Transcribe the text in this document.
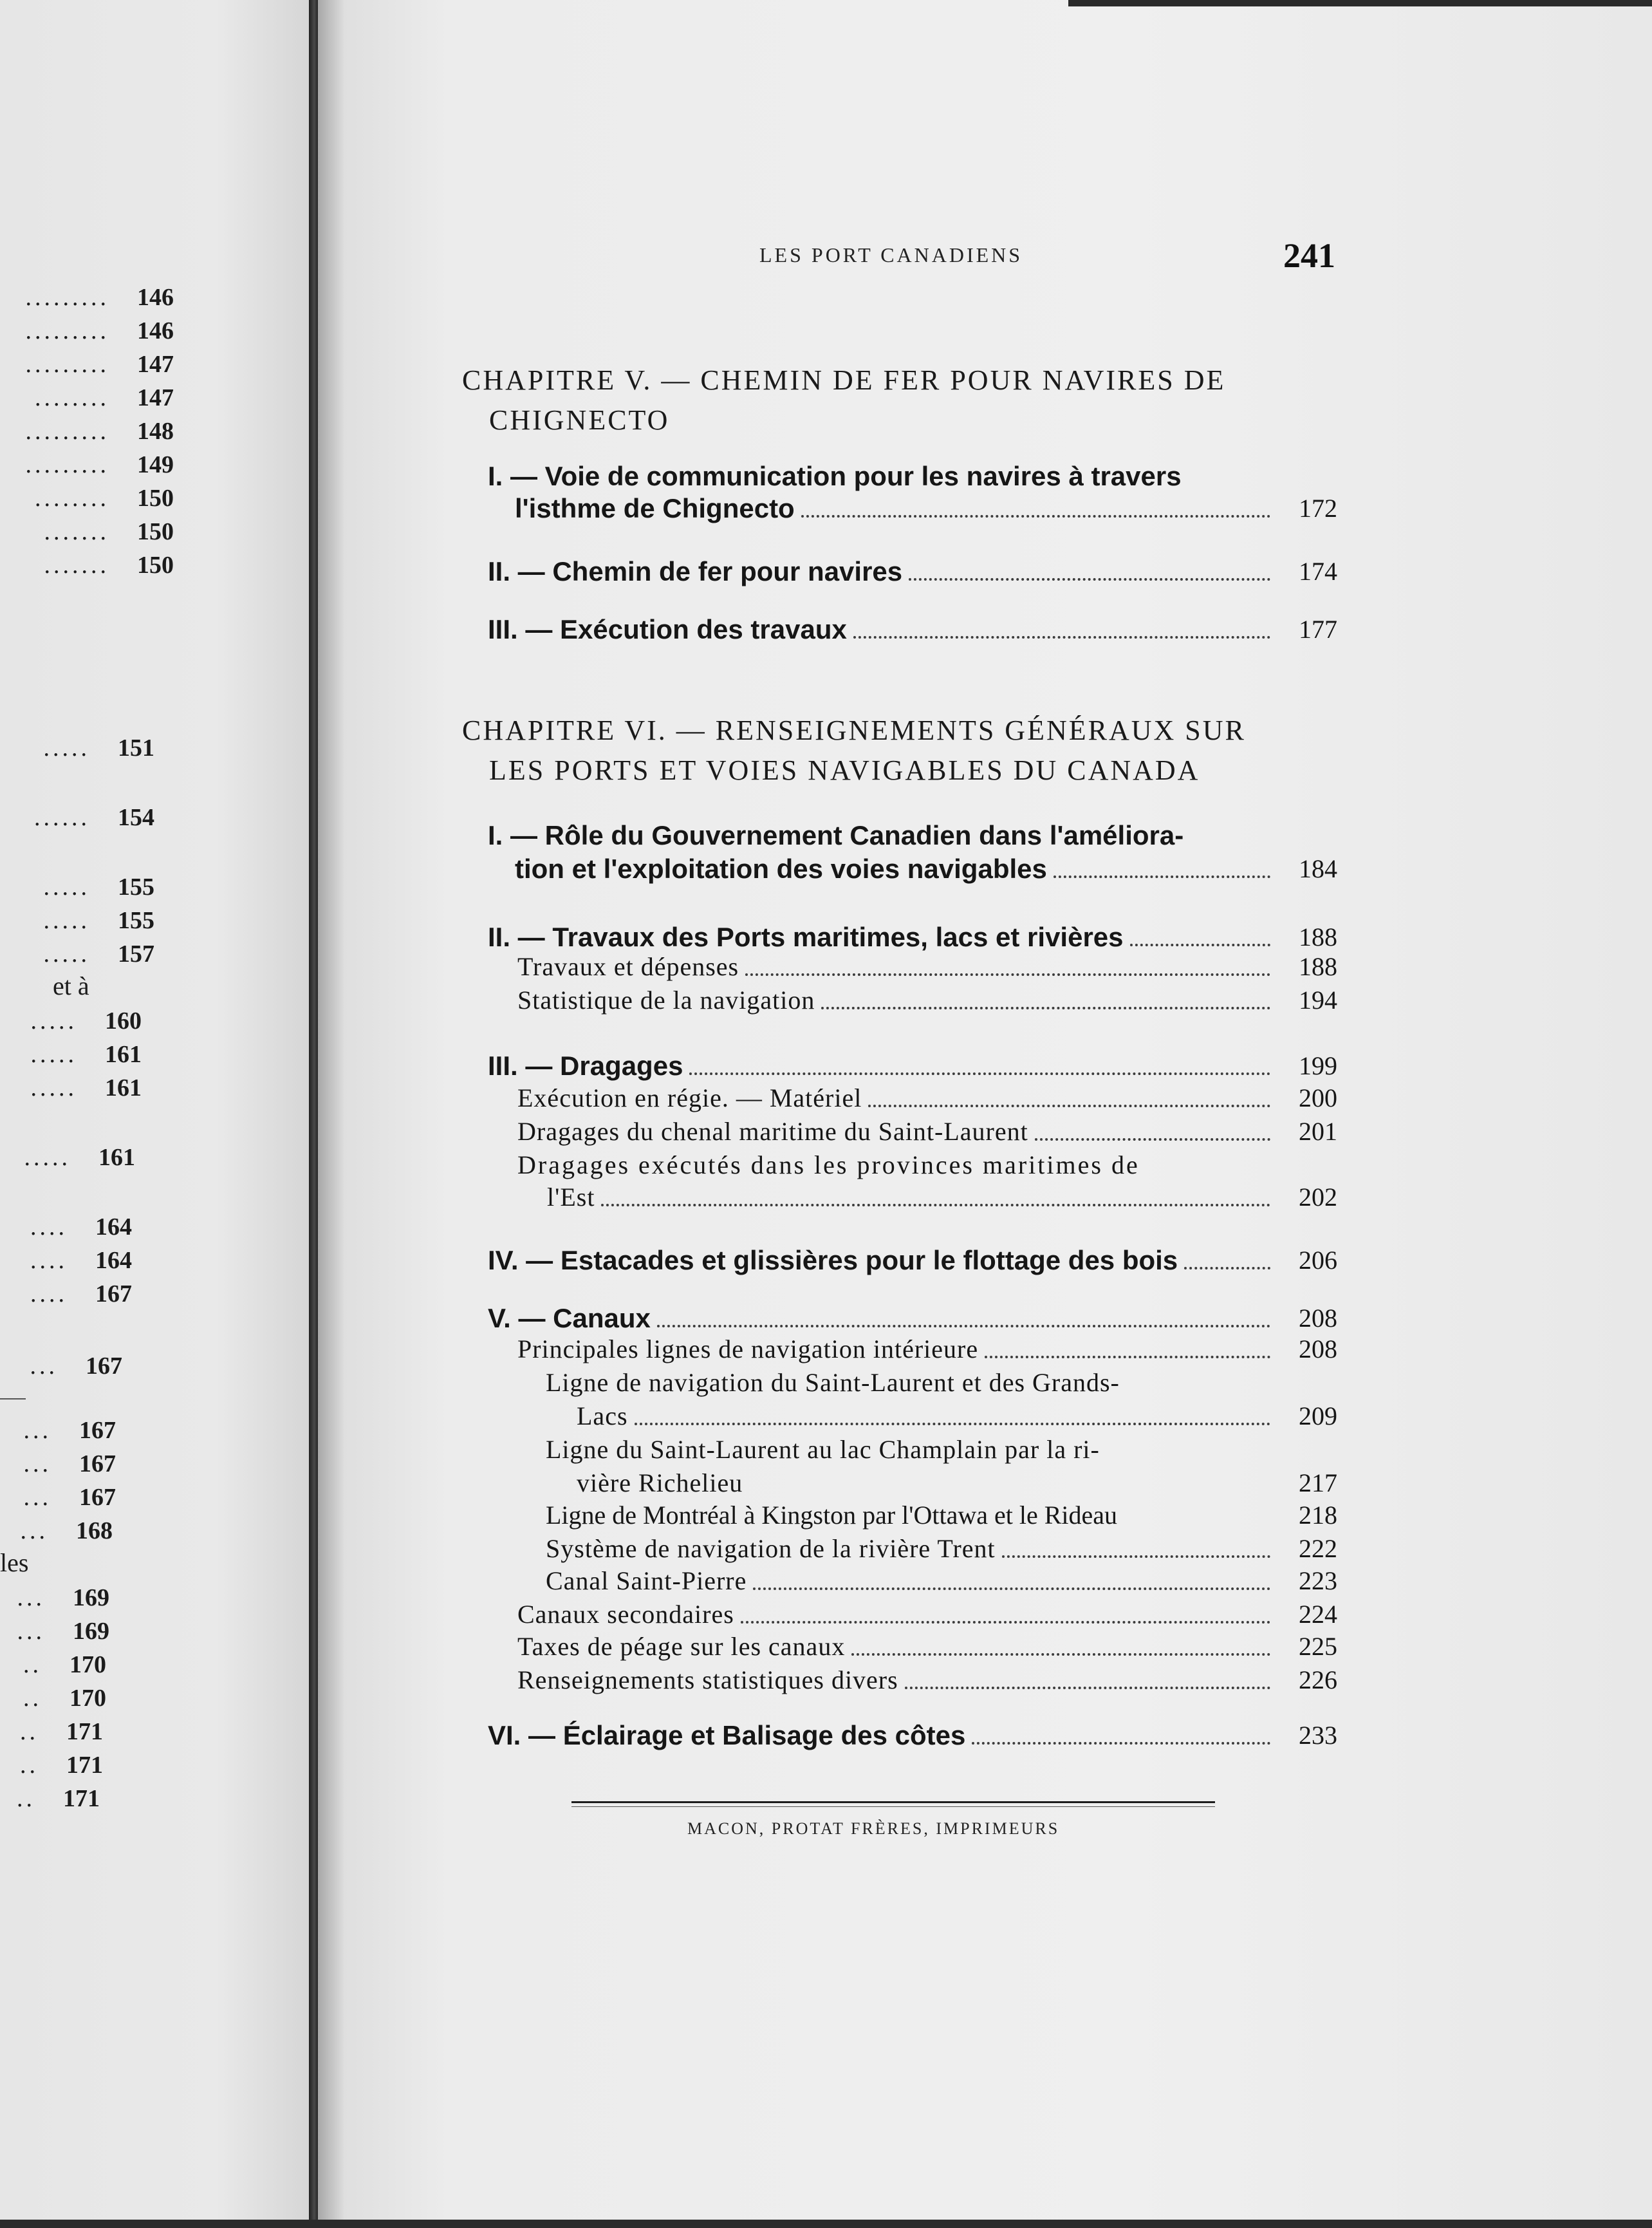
......... 146
......... 146
......... 147
........ 147
......... 148
......... 149
........ 150
....... 150
....... 150
..... 151
...... 154
..... 155
..... 155
..... 157
et à
..... 160
..... 161
..... 161
..... 161
.... 164
.... 164
.... 167
... 167
... 167
... 167
... 167
... 168
les
... 169
... 169
.. 170
.. 170
.. 171
.. 171
.. 171
LES PORT CANADIENS	241
CHAPITRE V. — CHEMIN DE FER POUR NAVIRES DE
CHIGNECTO
I. — Voie de communication pour les navires à travers
l'isthme de Chignecto	172
II. — Chemin de fer pour navires	174
III. — Exécution des travaux	177
CHAPITRE VI. — RENSEIGNEMENTS GÉNÉRAUX SUR
LES PORTS ET VOIES NAVIGABLES DU CANADA
I. — Rôle du Gouvernement Canadien dans l'améliora-
tion et l'exploitation des voies navigables	184
II. — Travaux des Ports maritimes, lacs et rivières	188
Travaux et dépenses	188
Statistique de la navigation	194
III. — Dragages	199
Exécution en régie. — Matériel	200
Dragages du chenal maritime du Saint-Laurent	201
Dragages exécutés dans les provinces maritimes de
l'Est	202
IV. — Estacades et glissières pour le flottage des bois	206
V. — Canaux	208
Principales lignes de navigation intérieure	208
Ligne de navigation du Saint-Laurent et des Grands-
Lacs	209
Ligne du Saint-Laurent au lac Champlain par la ri-
vière Richelieu	217
Ligne de Montréal à Kingston par l'Ottawa et le Rideau	218
Système de navigation de la rivière Trent	222
Canal Saint-Pierre	223
Canaux secondaires	224
Taxes de péage sur les canaux	225
Renseignements statistiques divers	226
VI. — Éclairage et Balisage des côtes	233
MACON, PROTAT FRÈRES, IMPRIMEURS
